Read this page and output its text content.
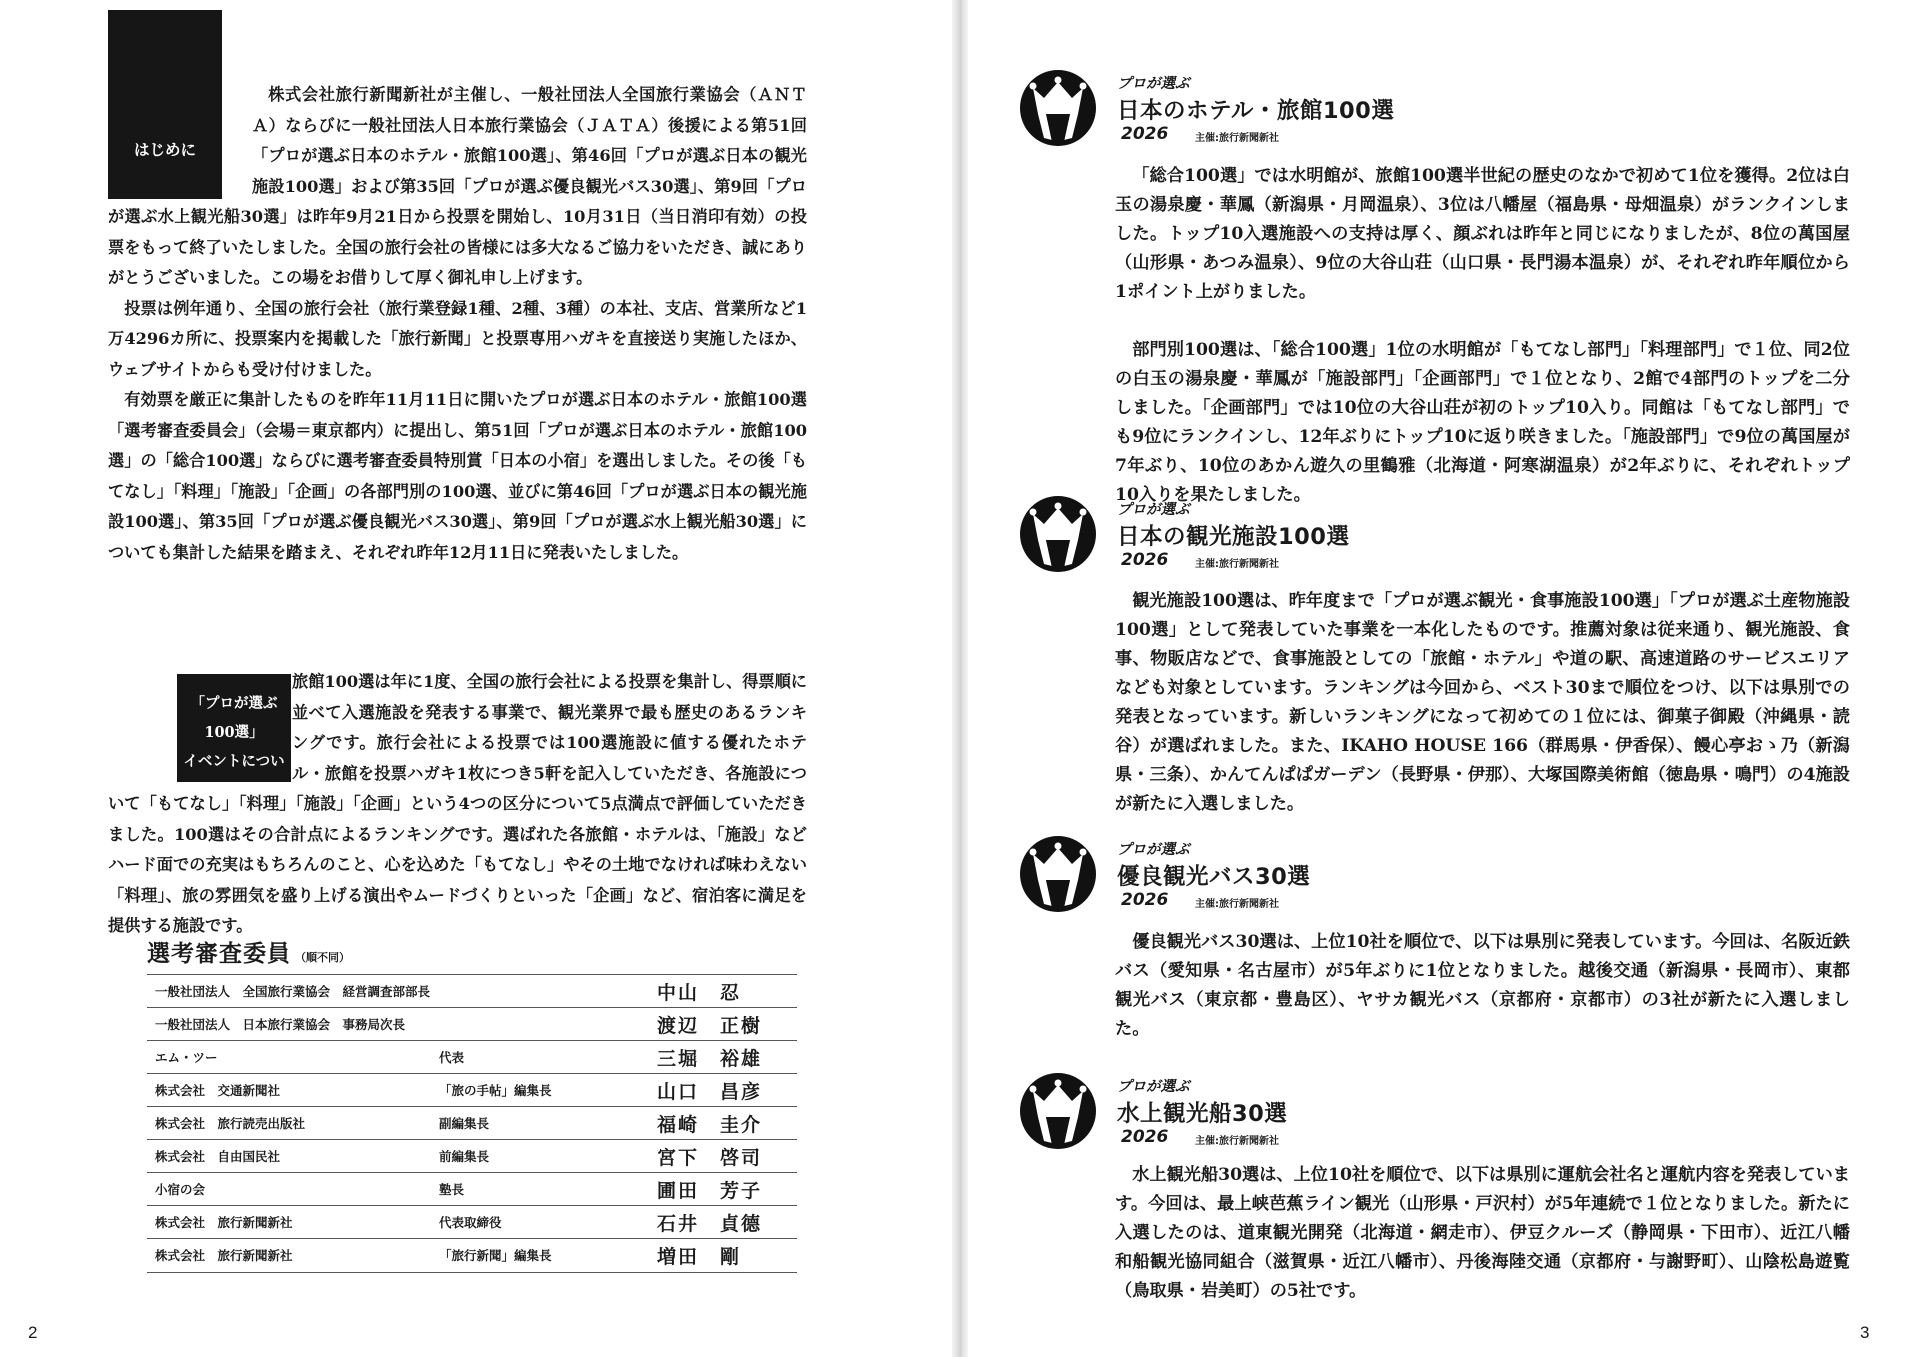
はじめに

株式会社旅行新聞新社が主催し、一般社団法人全国旅行業協会（ＡＮＴＡ）ならびに一般社団法人日本旅行業協会（ＪＡＴＡ）後援による第51回「プロが選ぶ日本のホテル・旅館100選」、第46回「プロが選ぶ日本の観光施設100選」および第35回「プロが選ぶ優良観光バス30選」、第9回「プロが選ぶ水上観光船30選」は昨年9月21日から投票を開始し、10月31日（当日消印有効）の投票をもって終了いたしました。全国の旅行会社の皆様には多大なるご協力をいただき、誠にありがとうございました。この場をお借りして厚く御礼申し上げます。

投票は例年通り、全国の旅行会社（旅行業登録1種、2種、3種）の本社、支店、営業所など1万4296カ所に、投票案内を掲載した「旅行新聞」と投票専用ハガキを直接送り実施したほか、ウェブサイトからも受け付けました。

有効票を厳正に集計したものを昨年11月11日に開いたプロが選ぶ日本のホテル・旅館100選「選考審査委員会」（会場＝東京都内）に提出し、第51回「プロが選ぶ日本のホテル・旅館100選」の「総合100選」ならびに選考審査委員特別賞「日本の小宿」を選出しました。その後「もてなし」「料理」「施設」「企画」の各部門別の100選、並びに第46回「プロが選ぶ日本の観光施設100選」、第35回「プロが選ぶ優良観光バス30選」、第9回「プロが選ぶ水上観光船30選」についても集計した結果を踏まえ、それぞれ昨年12月11日に発表いたしました。

旅館100選は年に1度、全国の旅行会社による投票を集計し、得票順に並べて入選施設を発表する事業で、観光業界で最も歴史のあるランキングです。旅行会社による投票では100選施設に値する優れたホテル・旅館を投票ハガキ1枚につき5軒を記入していただき、各施設について「もてなし」「料理」「施設」「企画」という4つの区分について5点満点で評価していただきました。100選はその合計点によるランキングです。選ばれた各旅館・ホテルは、「施設」などハード面での充実はもちろんのこと、心を込めた「もてなし」やその土地でなければ味わえない「料理」、旅の雰囲気を盛り上げる演出やムードづくりといった「企画」など、宿泊客に満足を提供する施設です。

選考審査委員 （順不同）
一般社団法人　全国旅行業協会　経営調査部部長	中山　忍
一般社団法人　日本旅行業協会　事務局次長	渡辺　正樹
エム・ツー	代表	三堀　裕雄
株式会社　交通新聞社	「旅の手帖」編集長	山口　昌彦
株式会社　旅行読売出版社	副編集長	福崎　圭介
株式会社　自由国民社	前編集長	宮下　啓司
小宿の会	塾長	圃田　芳子
株式会社　旅行新聞新社	代表取締役	石井　貞德
株式会社　旅行新聞新社	「旅行新聞」編集長	増田　剛
「プロが選ぶ100選」
イベントについて
2	3
プロが選ぶ
日本のホテル・旅館100選
2026	主催:旅行新聞新社

「総合100選」では水明館が、旅館100選半世紀の歴史のなかで初めて1位を獲得。2位は白玉の湯泉慶・華鳳（新潟県・月岡温泉）、3位は八幡屋（福島県・母畑温泉）がランクインしました。トップ10入選施設への支持は厚く、顔ぶれは昨年と同じになりましたが、8位の萬国屋（山形県・あつみ温泉）、9位の大谷山荘（山口県・長門湯本温泉）が、それぞれ昨年順位から1ポイント上がりました。

部門別100選は、「総合100選」1位の水明館が「もてなし部門」「料理部門」で１位、同2位の白玉の湯泉慶・華鳳が「施設部門」「企画部門」で１位となり、2館で4部門のトップを二分しました。「企画部門」では10位の大谷山荘が初のトップ10入り。同館は「もてなし部門」でも9位にランクインし、12年ぶりにトップ10に返り咲きました。「施設部門」で9位の萬国屋が7年ぶり、10位のあかん遊久の里鶴雅（北海道・阿寒湖温泉）が2年ぶりに、それぞれトップ10入りを果たしました。

プロが選ぶ
日本の観光施設100選
2026	主催:旅行新聞新社

観光施設100選は、昨年度まで「プロが選ぶ観光・食事施設100選」「プロが選ぶ土産物施設100選」として発表していた事業を一本化したものです。推薦対象は従来通り、観光施設、食事、物販店などで、食事施設としての「旅館・ホテル」や道の駅、高速道路のサービスエリアなども対象としています。ランキングは今回から、ベスト30まで順位をつけ、以下は県別での発表となっています。新しいランキングになって初めての１位には、御菓子御殿（沖縄県・読谷）が選ばれました。また、IKAHO HOUSE 166（群馬県・伊香保）、饅心亭おゝ乃（新潟県・三条）、かんてんぱぱガーデン（長野県・伊那）、大塚国際美術館（徳島県・鳴門）の4施設が新たに入選しました。

プロが選ぶ
優良観光バス30選
2026	主催:旅行新聞新社

優良観光バス30選は、上位10社を順位で、以下は県別に発表しています。今回は、名阪近鉄バス（愛知県・名古屋市）が5年ぶりに1位となりました。越後交通（新潟県・長岡市）、東都観光バス（東京都・豊島区）、ヤサカ観光バス（京都府・京都市）の3社が新たに入選しました。

プロが選ぶ
水上観光船30選
2026	主催:旅行新聞新社

水上観光船30選は、上位10社を順位で、以下は県別に運航会社名と運航内容を発表しています。今回は、最上峡芭蕉ライン観光（山形県・戸沢村）が5年連続で１位となりました。新たに入選したのは、道東観光開発（北海道・網走市）、伊豆クルーズ（静岡県・下田市）、近江八幡和船観光協同組合（滋賀県・近江八幡市）、丹後海陸交通（京都府・与謝野町）、山陰松島遊覧（鳥取県・岩美町）の5社です。
